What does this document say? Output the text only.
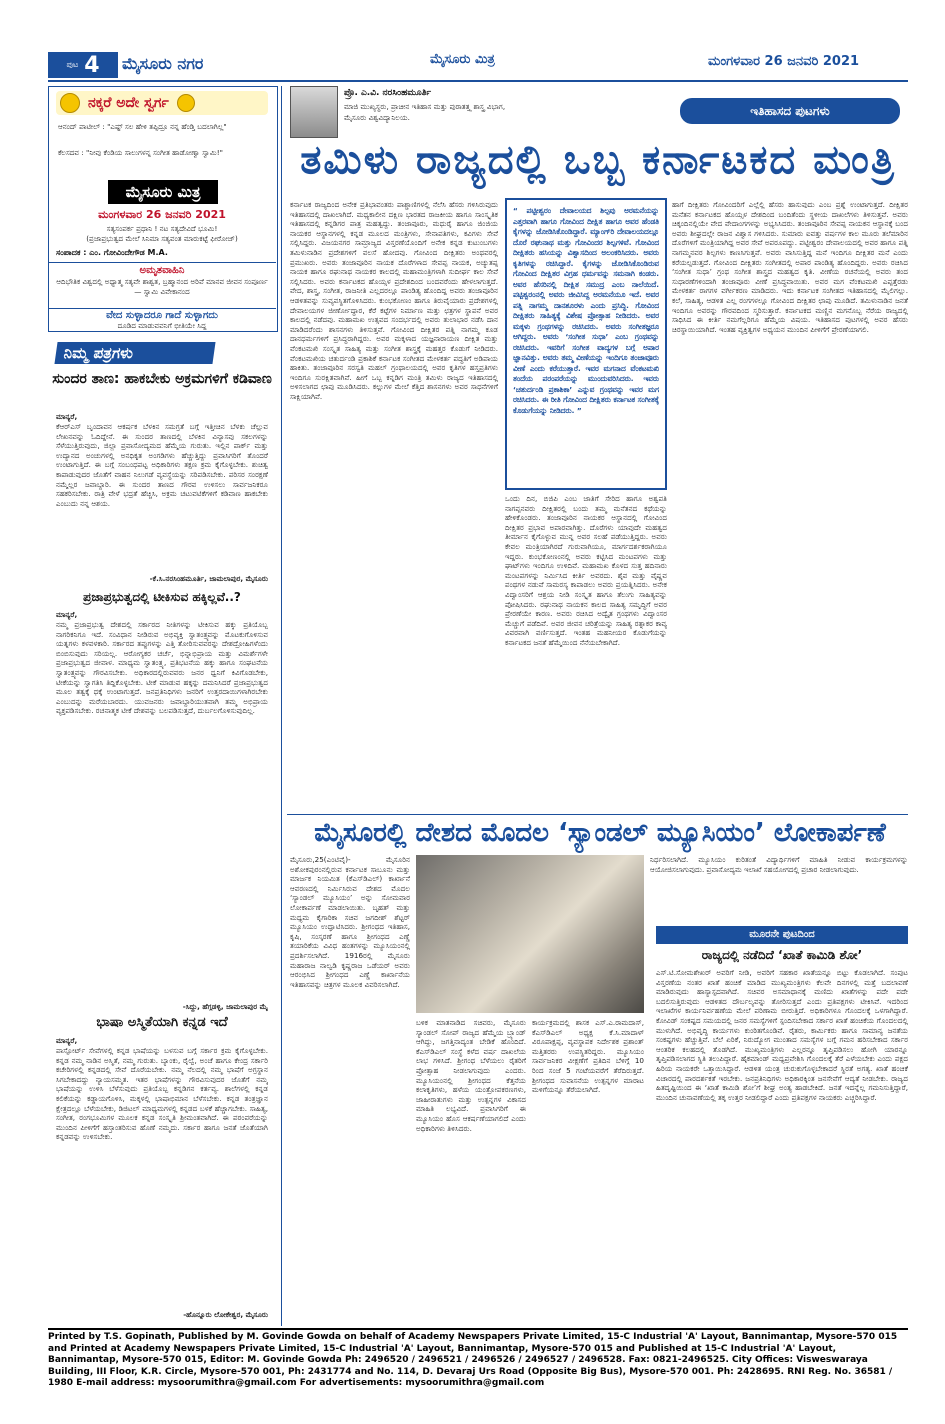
ಪುಟ 4 ಮೈಸೂರು ನಗರ	ಮೈಸೂರು ಮಿತ್ರ	ಮಂಗಳವಾರ 26 ಜನವರಿ 2021
ನಕ್ಕರೆ ಅದೇ ಸ್ವರ್ಗ
ಆನಂದ್ ಪಾಟೀಲ್ : "ಎಷ್ಟ್ ಸಲ ಹೇಳಿ ತಪ್ಪಿದ್ರೂ ನನ್ನ ಹೆಂಡ್ತಿ ಬದಲಾಗಿಲ್ಲ"
ಕೆಲಸದವ : "ನೀವು ಕೆಂಡಿಯ ಸಾಲುಗಳನ್ನ ಸಂಗೀತ ಹಾಡೋಣ್ವಾ ಸ್ವಾಮಿ!"
ಮೈಸೂರು ಮಿತ್ರ
ಮಂಗಳವಾರ 26 ಜನವರಿ 2021
ಸತ್ಯಸಂಪರ್ಕ ಪ್ರಧಾನಿ ! ನಟ ಸತ್ಯದೇವಿದೆ ಭೂಮಿ!
(ಪ್ರಜಾಪ್ರಭುತ್ವದ ಮೇಲೆ ಸಿನಿಮಾ ಸತ್ಯವಂತ ಮಾರುಕಟ್ಟೆ ಫೀರೋಜ್)
ಸಂಪಾದಕ : ಎಂ. ಗೋವಿಂದೇಗೌಡ M.A.
ಅಮೃತವಾಹಿನಿ
ಆದಿಭೌತಿಕ ವಿಶ್ವದಲ್ಲಿ ಅಧ್ಯಾತ್ಮ ಸತ್ಯವೇ ಶಾಶ್ವತ, ಬ್ರಹ್ಮಾನಂದ ಅರಿವೆ ಮಾನವ ಜೀವನ ಸಂಪೂರ್ಣ — ಸ್ವಾಮಿ ವಿವೇಕಾನಂದ
ವೇದ ಸುಳ್ಳಾದರೂ ಗಾದೆ ಸುಳ್ಳಾಗದು
ದೂಡಿದ ಮಾಡುವವನಿಗೆ ಭೀತಿಯೇ ಸಿದ್ದ
ನಿಮ್ಮ ಪತ್ರಗಳು
ಸುಂದರ ತಾಣ: ಹಾಕಬೇಕು ಅಕ್ರಮಗಳಿಗೆ ಕಡಿವಾಣ
ಮಾನ್ಯರೆ,
ಕೆಆರ್‌ಎಸ್ ಬೃಂದಾವನ ಆಕರ್ಷಕ ಬೆಳಕಿನ ಸಮಗ್ರತೆ ಬಗ್ಗೆ ಇತ್ತೀಚಿನ ಬೆಳಕು ಚೆಲ್ಲುವ ಲೇಖನವನ್ನು ಓದಿದ್ದೇನೆ. ಈ ಸುಂದರ ತಾಣದಲ್ಲಿ ಬೆಳಕಿನ ವಿನ್ಯಾಸವು ಸಕಲಗಳನ್ನು ಸೆಳೆಯುತ್ತಿರುವುದು, ಜಿಲ್ಲಾ ಪ್ರವಾಸೋದ್ಯಮದ ಹೆಮ್ಮೆಯ ಗುರುತು. ಇಲ್ಲಿನ ಪಾರ್ಕ್ ಮತ್ತು ಉದ್ಯಾನದ ಅಂಚುಗಳಲ್ಲಿ ಅನಧಿಕೃತ ಅಂಗಡಿಗಳು ಹೆಚ್ಚುತ್ತಿದ್ದು ಪ್ರವಾಸಿಗರಿಗೆ ತೊಂದರೆ ಉಂಟಾಗುತ್ತಿದೆ. ಈ ಬಗ್ಗೆ ಸಂಬಂಧಪಟ್ಟ ಅಧಿಕಾರಿಗಳು ತಕ್ಷಣ ಕ್ರಮ ಕೈಗೊಳ್ಳಬೇಕು. ಶುಚಿತ್ವ ಕಾಪಾಡುವುದರ ಜೊತೆಗೆ ವಾಹನ ನಿಲುಗಡೆ ವ್ಯವಸ್ಥೆಯನ್ನು ಸರಿಪಡಿಸಬೇಕು. ಪರಿಸರ ಸಂರಕ್ಷಣೆ ನಮ್ಮೆಲ್ಲರ ಜವಾಬ್ದಾರಿ. ಈ ಸುಂದರ ತಾಣದ ಗೌರವ ಉಳಿಸಲು ಸಾರ್ವಜನಿಕರೂ ಸಹಕರಿಸಬೇಕು. ರಾತ್ರಿ ವೇಳೆ ಭದ್ರತೆ ಹೆಚ್ಚಿಸಿ, ಅಕ್ರಮ ಚಟುವಟಿಕೆಗಳಿಗೆ ಕಡಿವಾಣ ಹಾಕಬೇಕು ಎಂಬುದು ನನ್ನ ಆಶಯ.
-ಕೆ.ಸಿ.ನರಸಿಂಹಮೂರ್ತಿ, ಜಾಮಲಾಪುರ, ಮೈಸೂರು
ಪ್ರಜಾಪ್ರಭುತ್ವದಲ್ಲಿ ಟೀಕಿಸುವ ಹಕ್ಕಿಲ್ಲವೆ..?
ಮಾನ್ಯರೆ,
ನಮ್ಮ ಪ್ರಜಾಪ್ರಭುತ್ವ ದೇಶದಲ್ಲಿ ಸರ್ಕಾರದ ನೀತಿಗಳನ್ನು ಟೀಕಿಸುವ ಹಕ್ಕು ಪ್ರತಿಯೊಬ್ಬ ನಾಗರಿಕನಿಗೂ ಇದೆ. ಸಂವಿಧಾನ ನೀಡಿರುವ ಅಭಿವ್ಯಕ್ತಿ ಸ್ವಾತಂತ್ರ್ಯವನ್ನು ಮೊಟಕುಗೊಳಿಸುವ ಯತ್ನಗಳು ಕಳವಳಕಾರಿ. ಸರ್ಕಾರದ ತಪ್ಪುಗಳನ್ನು ಎತ್ತಿ ತೋರಿಸುವವರನ್ನು ದೇಶದ್ರೋಹಿಗಳೆಂದು ಬಿಂಬಿಸುವುದು ಸರಿಯಲ್ಲ. ಆರೋಗ್ಯಕರ ಚರ್ಚೆ, ಭಿನ್ನಾಭಿಪ್ರಾಯ ಮತ್ತು ವಿಮರ್ಶೆಗಳೇ ಪ್ರಜಾಪ್ರಭುತ್ವದ ಜೀವಾಳ. ಮಾಧ್ಯಮ ಸ್ವಾತಂತ್ರ್ಯ, ಪ್ರತಿಭಟನೆಯ ಹಕ್ಕು ಹಾಗೂ ಸಂಘಟನೆಯ ಸ್ವಾತಂತ್ರ್ಯವನ್ನು ಗೌರವಿಸಬೇಕು. ಅಧಿಕಾರದಲ್ಲಿರುವವರು ಜನರ ಧ್ವನಿಗೆ ಕಿವಿಗೊಡಬೇಕು, ಟೀಕೆಯನ್ನು ಸ್ವಾಗತಿಸಿ ತಿದ್ದಿಕೊಳ್ಳಬೇಕು. ಟೀಕೆ ಮಾಡುವ ಹಕ್ಕನ್ನು ದಮನಿಸಿದರೆ ಪ್ರಜಾಪ್ರಭುತ್ವದ ಮೂಲ ತತ್ವಕ್ಕೆ ಧಕ್ಕೆ ಉಂಟಾಗುತ್ತದೆ. ಜನಪ್ರತಿನಿಧಿಗಳು ಜನರಿಗೆ ಉತ್ತರದಾಯಿಗಳಾಗಿರಬೇಕು ಎಂಬುದನ್ನು ಮರೆಯಬಾರದು. ಯುವಜನರು ಜವಾಬ್ದಾರಿಯುತವಾಗಿ ತಮ್ಮ ಅಭಿಪ್ರಾಯ ವ್ಯಕ್ತಪಡಿಸಬೇಕು. ರಚನಾತ್ಮಕ ಟೀಕೆ ದೇಶವನ್ನು ಬಲಪಡಿಸುತ್ತದೆ, ದುರ್ಬಲಗೊಳಿಸುವುದಿಲ್ಲ.
-ಸಿದ್ದು, ಹೆಗ್ಗಡಳ್ಳಿ, ಜಾಮಲಾಪುರ ಮೈ
ಭಾಷಾ ಅಸ್ಮಿತೆಯಾಗಿ ಕನ್ನಡ ಇದೆ
ಮಾನ್ಯರೆ,
ಪಾಸ್ಪೋರ್ಟ್ ಸೇವೆಗಳಲ್ಲಿ ಕನ್ನಡ ಭಾಷೆಯನ್ನು ಬಳಸುವ ಬಗ್ಗೆ ಸರ್ಕಾರ ಕ್ರಮ ಕೈಗೊಳ್ಳಬೇಕು. ಕನ್ನಡ ನಮ್ಮ ನಾಡಿನ ಅಸ್ಮಿತೆ, ನಮ್ಮ ಗುರುತು. ಬ್ಯಾಂಕು, ರೈಲ್ವೆ, ಅಂಚೆ ಹಾಗೂ ಕೇಂದ್ರ ಸರ್ಕಾರಿ ಕಚೇರಿಗಳಲ್ಲಿ ಕನ್ನಡದಲ್ಲಿ ಸೇವೆ ದೊರೆಯಬೇಕು. ನಮ್ಮ ನೆಲದಲ್ಲಿ ನಮ್ಮ ಭಾಷೆಗೆ ಅಗ್ರಸ್ಥಾನ ಸಿಗಬೇಕಾದದ್ದು ನ್ಯಾಯಸಮ್ಮತ. ಇತರ ಭಾಷೆಗಳನ್ನು ಗೌರವಿಸುವುದರ ಜೊತೆಗೆ ನಮ್ಮ ಭಾಷೆಯನ್ನು ಉಳಿಸಿ ಬೆಳೆಸುವುದು ಪ್ರತಿಯೊಬ್ಬ ಕನ್ನಡಿಗನ ಕರ್ತವ್ಯ. ಶಾಲೆಗಳಲ್ಲಿ ಕನ್ನಡ ಕಲಿಕೆಯನ್ನು ಕಡ್ಡಾಯಗೊಳಿಸಿ, ಮಕ್ಕಳಲ್ಲಿ ಭಾಷಾಭಿಮಾನ ಬೆಳೆಸಬೇಕು. ಕನ್ನಡ ತಂತ್ರಜ್ಞಾನ ಕ್ಷೇತ್ರದಲ್ಲೂ ಬೆಳೆಯಬೇಕು, ಡಿಜಿಟಲ್ ಮಾಧ್ಯಮಗಳಲ್ಲಿ ಕನ್ನಡದ ಬಳಕೆ ಹೆಚ್ಚಾಗಬೇಕು. ಸಾಹಿತ್ಯ, ಸಂಗೀತ, ರಂಗಭೂಮಿಗಳ ಮೂಲಕ ಕನ್ನಡ ಸಂಸ್ಕೃತಿ ಶ್ರೀಮಂತವಾಗಿದೆ. ಈ ಪರಂಪರೆಯನ್ನು ಮುಂದಿನ ಪೀಳಿಗೆಗೆ ಹಸ್ತಾಂತರಿಸುವ ಹೊಣೆ ನಮ್ಮದು. ಸರ್ಕಾರ ಹಾಗೂ ಜನತೆ ಜೊತೆಯಾಗಿ ಕನ್ನಡವನ್ನು ಉಳಿಸಬೇಕು.
-ಹೊನ್ನೂರು ಲೋಕೇಶ್ವರ, ಮೈಸೂರು
ಪ್ರೊ. ಎ.ವಿ. ನರಸಿಂಹಮೂರ್ತಿ
ಮಾಜಿ ಮುಖ್ಯಸ್ಥರು, ಪ್ರಾಚೀನ ಇತಿಹಾಸ ಮತ್ತು ಪುರಾತತ್ತ್ವ ಶಾಸ್ತ್ರ ವಿಭಾಗ,
ಮೈಸೂರು ವಿಶ್ವವಿದ್ಯಾನಿಲಯ.	ಇತಿಹಾಸದ ಪುಟಗಳು
ತಮಿಳು ರಾಜ್ಯದಲ್ಲಿ ಒಬ್ಬ ಕರ್ನಾಟಕದ ಮಂತ್ರಿ
ಕರ್ನಾಟಕ ರಾಜ್ಯದಿಂದ ಅನೇಕ ಪ್ರತಿಭಾವಂತರು ಪಾಶ್ಚಾಣಿಗಳಲ್ಲಿ ನೆಲೆಸಿ ಹೆಸರು ಗಳಿಸಿರುವುದು ಇತಿಹಾಸದಲ್ಲಿ ದಾಖಲಾಗಿದೆ. ಮಧ್ಯಕಾಲೀನ ದಕ್ಷಿಣ ಭಾರತದ ರಾಜಕೀಯ ಹಾಗೂ ಸಾಂಸ್ಕೃತಿಕ ಇತಿಹಾಸದಲ್ಲಿ ಕನ್ನಡಿಗರ ಪಾತ್ರ ಮಹತ್ವದ್ದು. ತಂಜಾವೂರು, ಮಧುರೈ ಹಾಗೂ ಜಿಂಜಿಯ ನಾಯಕರ ಆಸ್ಥಾನಗಳಲ್ಲಿ ಕನ್ನಡ ಮೂಲದ ಮಂತ್ರಿಗಳು, ಸೇನಾಪತಿಗಳು, ಕವಿಗಳು ಸೇವೆ ಸಲ್ಲಿಸಿದ್ದರು. ವಿಜಯನಗರ ಸಾಮ್ರಾಜ್ಯದ ವಿಸ್ತರಣೆಯೊಂದಿಗೆ ಅನೇಕ ಕನ್ನಡ ಕುಟುಂಬಗಳು ತಮಿಳುನಾಡಿನ ಪ್ರದೇಶಗಳಿಗೆ ವಲಸೆ ಹೋದವು. ಗೋವಿಂದ ದೀಕ್ಷಿತರು ಅಂಥವರಲ್ಲಿ ಪ್ರಮುಖರು. ಅವರು ತಂಜಾವೂರಿನ ನಾಯಕ ದೊರೆಗಳಾದ ಸೇವಪ್ಪ ನಾಯಕ, ಅಚ್ಯುತಪ್ಪ ನಾಯಕ ಹಾಗೂ ರಘುನಾಥ ನಾಯಕರ ಕಾಲದಲ್ಲಿ ಮಹಾಮಂತ್ರಿಗಳಾಗಿ ಸುದೀರ್ಘ ಕಾಲ ಸೇವೆ ಸಲ್ಲಿಸಿದರು. ಅವರು ಕರ್ನಾಟಕದ ಹೊಯ್ಸಳ ಪ್ರದೇಶದಿಂದ ಬಂದವರೆಂದು ಹೇಳಲಾಗುತ್ತದೆ. ವೇದ, ಶಾಸ್ತ್ರ, ಸಂಗೀತ, ರಾಜನೀತಿ ಎಲ್ಲದರಲ್ಲೂ ಪಾಂಡಿತ್ಯ ಹೊಂದಿದ್ದ ಅವರು ತಂಜಾವೂರಿನ ಆಡಳಿತವನ್ನು ಸುವ್ಯವಸ್ಥಿತಗೊಳಿಸಿದರು. ಕುಂಭಕೋಣಂ ಹಾಗೂ ತಿರುವೈಯಾರು ಪ್ರದೇಶಗಳಲ್ಲಿ ದೇವಾಲಯಗಳ ಜೀರ್ಣೋದ್ಧಾರ, ಕೆರೆ ಕಟ್ಟೆಗಳ ನಿರ್ಮಾಣ ಮತ್ತು ಛತ್ರಗಳ ಸ್ಥಾಪನೆ ಅವರ ಕಾಲದಲ್ಲಿ ನಡೆದವು. ಮಹಾಮಖ ಉತ್ಸವದ ಸಂದರ್ಭದಲ್ಲಿ ಅವರು ತುಲಾಭಾರ ನಡೆಸಿ ದಾನ ಮಾಡಿದರೆಂದು ಶಾಸನಗಳು ತಿಳಿಸುತ್ತವೆ. ಗೋವಿಂದ ದೀಕ್ಷಿತರ ಪತ್ನಿ ನಾಗಮ್ಮ ಕೂಡ ದಾನಧರ್ಮಗಳಿಗೆ ಪ್ರಸಿದ್ಧರಾಗಿದ್ದರು. ಅವರ ಮಕ್ಕಳಾದ ಯಜ್ಞನಾರಾಯಣ ದೀಕ್ಷಿತ ಮತ್ತು ವೆಂಕಟಮಖಿ ಸಂಸ್ಕೃತ ಸಾಹಿತ್ಯ ಮತ್ತು ಸಂಗೀತ ಶಾಸ್ತ್ರಕ್ಕೆ ಮಹತ್ತರ ಕೊಡುಗೆ ನೀಡಿದರು. ವೆಂಕಟಮಖಿಯ ಚತುರ್ದಂಡಿ ಪ್ರಕಾಶಿಕೆ ಕರ್ನಾಟಕ ಸಂಗೀತದ ಮೇಳಕರ್ತ ಪದ್ಧತಿಗೆ ಅಡಿಪಾಯ ಹಾಕಿತು. ತಂಜಾವೂರಿನ ಸರಸ್ವತಿ ಮಹಲ್ ಗ್ರಂಥಾಲಯದಲ್ಲಿ ಅವರ ಕೃತಿಗಳ ಹಸ್ತಪ್ರತಿಗಳು ಇಂದಿಗೂ ಸುರಕ್ಷಿತವಾಗಿವೆ. ಹೀಗೆ ಒಬ್ಬ ಕನ್ನಡಿಗ ಮಂತ್ರಿ ತಮಿಳು ರಾಜ್ಯದ ಇತಿಹಾಸದಲ್ಲಿ ಅಳಿಸಲಾಗದ ಛಾಪು ಮೂಡಿಸಿದರು. ಕಲ್ಲುಗಳ ಮೇಲೆ ಕೆತ್ತಿದ ಶಾಸನಗಳು ಅವರ ಸಾಧನೆಗಳಿಗೆ ಸಾಕ್ಷಿಯಾಗಿವೆ.
“ ಪಟ್ಟೀಶ್ವರಂ ದೇವಾಲಯದ ಶಿಲ್ಪವು ಅರಮನೆಯನ್ನು ಎತ್ತರವಾಗಿ ಹಾಗೂ ಗೋವಿಂದ ದೀಕ್ಷಿತ ಹಾಗೂ ಅವರ ಹೆಂಡತಿ ಕೈಗಳನ್ನು ಜೋಡಿಸಿಕೊಂಡಿದ್ದಾರೆ. ಮ್ಯಾಂಗ್‌ರಿ ದೇವಾಲಯದಲ್ಲೂ ದೊರೆ ರಘುನಾಥ ಮತ್ತು ಗೋವಿಂದರ ಶಿಲ್ಪಗಳಿವೆ. ಗೋವಿಂದ ದೀಕ್ಷಿತರು ಹಸಿಯನ್ನು ವಿಶ್ವಾಸದಿಂದ ಅಲಂಕರಿಸಿದರು. ಅವರು ಕೃತಿಗಳನ್ನು ರಚಿಸಿದ್ದಾರೆ. ಕೈಗಳನ್ನು ಜೋಡಿಸಿಕೊಂಡಿರುವ ಗೋವಿಂದ ದೀಕ್ಷಿತರ ವಿಗ್ರಹ ಧರ್ಮವನ್ನು ಸಮನಾಗಿ ಕಂಡರು. ಅವರ ಹೆಸರಿನಲ್ಲಿ ದೀಕ್ಷಿತ ಸಮುದ್ರ ಎಂಬ ನಾಲೆಯಿದೆ. ಪಟ್ಟಿಶ್ವರಂನಲ್ಲಿ ಅವರು ಜೀವಿಸಿದ್ದ ಅರಮನೆಯೂ ಇದೆ. ಅವರ ಪತ್ನಿ ನಾಗಮ್ಮ ದಾನಶೂರಳು ಎಂದು ಪ್ರಸಿದ್ಧಿ. ಗೋವಿಂದ ದೀಕ್ಷಿತರು ಸಾಹಿತ್ಯಕ್ಕೆ ವಿಶೇಷ ಪ್ರೋತ್ಸಾಹ ನೀಡಿದರು. ಅವರ ಮಕ್ಕಳು ಗ್ರಂಥಗಳನ್ನು ರಚಿಸಿದರು. ಅವರು ಸಂಗೀತಜ್ಞರೂ ಆಗಿದ್ದರು. ಅವರು ‘ಸಂಗೀತ ಸುಧಾ’ ಎಂಬ ಗ್ರಂಥವನ್ನು ರಚಿಸಿದರು. ಇವರಿಗೆ ಸಂಗೀತ ವಾದ್ಯಗಳ ಬಗ್ಗೆ ಅಪಾರ ಜ್ಞಾನವಿತ್ತು. ಅವರು ತಮ್ಮ ವೀಣೆಯನ್ನು ಇಂದಿಗೂ ತಂಜಾವೂರು ವೀಣೆ ಎಂದು ಕರೆಯುತ್ತಾರೆ. ಇವರ ಮಗನಾದ ವೆಂಕಟಮಖಿ ತಂದೆಯ ಪರಂಪರೆಯನ್ನು ಮುಂದುವರಿಸಿದರು. ಇವರು ‘ಚತುರ್ದಂಡಿ ಪ್ರಕಾಶಿಕಾ’ ಎನ್ನುವ ಗ್ರಂಥವನ್ನು ಇವರ ಮಗ ರಚಿಸಿದರು. ಈ ರೀತಿ ಗೋವಿಂದ ದೀಕ್ಷಿತರು ಕರ್ನಾಟಕ ಸಂಗೀತಕ್ಕೆ ಕೊಡುಗೆಯನ್ನು ನೀಡಿದರು. ”
ಒಂದು ದಿನ, ಬಿಜಿಪಿ ಎಂಬ ಜಾತಿಗೆ ಸೇರಿದ ಹಾಗೂ ಅಶ್ವಪತಿ ನಾಗಪ್ಪನವರು ದೀಕ್ಷಿತರಲ್ಲಿ ಬಂದು ತಮ್ಮ ಮನೆತನದ ಕಥೆಯನ್ನು ಹೇಳಿಕೊಂಡರು. ತಂಜಾವೂರಿನ ನಾಯಕರ ಆಸ್ಥಾನದಲ್ಲಿ ಗೋವಿಂದ ದೀಕ್ಷಿತರ ಪ್ರಭಾವ ಅಪಾರವಾಗಿತ್ತು. ದೊರೆಗಳು ಯಾವುದೇ ಮಹತ್ವದ ತೀರ್ಮಾನ ಕೈಗೊಳ್ಳುವ ಮುನ್ನ ಅವರ ಸಲಹೆ ಪಡೆಯುತ್ತಿದ್ದರು. ಅವರು ಕೇವಲ ಮಂತ್ರಿಯಾಗಿರದೆ ಗುರುವಾಗಿಯೂ, ಮಾರ್ಗದರ್ಶಕರಾಗಿಯೂ ಇದ್ದರು. ಕುಂಭಕೋಣಂನಲ್ಲಿ ಅವರು ಕಟ್ಟಿಸಿದ ಮಂಟಪಗಳು ಮತ್ತು ಘಾಟ್‌ಗಳು ಇಂದಿಗೂ ಉಳಿದಿವೆ. ಮಹಾಮಖ ಕೊಳದ ಸುತ್ತ ಹದಿನಾರು ಮಂಟಪಗಳನ್ನು ನಿರ್ಮಿಸಿದ ಕೀರ್ತಿ ಅವರದು. ಶೈವ ಮತ್ತು ವೈಷ್ಣವ ಪಂಥಗಳ ನಡುವೆ ಸಾಮರಸ್ಯ ಕಾಪಾಡಲು ಅವರು ಪ್ರಯತ್ನಿಸಿದರು. ಅನೇಕ ವಿದ್ವಾಂಸರಿಗೆ ಆಶ್ರಯ ನೀಡಿ ಸಂಸ್ಕೃತ ಹಾಗೂ ತೆಲುಗು ಸಾಹಿತ್ಯವನ್ನು ಪೋಷಿಸಿದರು. ರಘುನಾಥ ನಾಯಕನ ಕಾಲದ ಸಾಹಿತ್ಯ ಸಮೃದ್ಧಿಗೆ ಅವರ ಪ್ರೇರಣೆಯೇ ಕಾರಣ. ಅವರು ರಚಿಸಿದ ಅದ್ವೈತ ಗ್ರಂಥಗಳು ವಿದ್ವಾಂಸರ ಮೆಚ್ಚುಗೆ ಪಡೆದಿವೆ. ಅವರ ಜೀವನ ಚರಿತ್ರೆಯನ್ನು ಸಾಹಿತ್ಯ ರತ್ನಾಕರ ಕಾವ್ಯ ವಿವರವಾಗಿ ವರ್ಣಿಸುತ್ತದೆ. ಇಂತಹ ಮಹನೀಯರ ಕೊಡುಗೆಯನ್ನು ಕರ್ನಾಟಕದ ಜನತೆ ಹೆಮ್ಮೆಯಿಂದ ನೆನೆಯಬೇಕಾಗಿದೆ.
ಹಾಗೆ ದೀಕ್ಷಿತರು ಗೋವಿಂದರಿಗೆ ಎಲ್ಲೆಲ್ಲಿ ಹೆಸರು ಹಾಸುವುದು ಎಂಬ ಪ್ರಶ್ನೆ ಉಂಟಾಗುತ್ತದೆ. ದೀಕ್ಷಿತರ ಮನೆತನ ಕರ್ನಾಟಕದ ಹೊಯ್ಸಳ ದೇಶದಿಂದ ಬಂದಿತೆಂದು ಸ್ಥಳೀಯ ದಾಖಲೆಗಳು ತಿಳಿಸುತ್ತವೆ. ಅವರು ಚಿಕ್ಕಂದಿನಲ್ಲಿಯೇ ವೇದ ವೇದಾಂಗಗಳನ್ನು ಅಭ್ಯಸಿಸಿದರು. ತಂಜಾವೂರಿನ ಸೇವಪ್ಪ ನಾಯಕನ ಆಸ್ಥಾನಕ್ಕೆ ಬಂದ ಅವರು ಶೀಘ್ರದಲ್ಲೇ ರಾಜನ ವಿಶ್ವಾಸ ಗಳಿಸಿದರು. ಸುಮಾರು ಐವತ್ತು ವರ್ಷಗಳ ಕಾಲ ಮೂರು ತಲೆಮಾರಿನ ದೊರೆಗಳಿಗೆ ಮಂತ್ರಿಯಾಗಿದ್ದ ಅವರ ಸೇವೆ ಅಪರೂಪದ್ದು. ಪಟ್ಟೀಶ್ವರಂ ದೇವಾಲಯದಲ್ಲಿ ಅವರ ಹಾಗೂ ಪತ್ನಿ ನಾಗಮ್ಮನವರ ಶಿಲ್ಪಗಳು ಕಾಣಸಿಗುತ್ತವೆ. ಅವರು ವಾಸಿಸುತ್ತಿದ್ದ ಮನೆ ಇಂದಿಗೂ ದೀಕ್ಷಿತರ ಮನೆ ಎಂದು ಕರೆಯಲ್ಪಡುತ್ತದೆ. ಗೋವಿಂದ ದೀಕ್ಷಿತರು ಸಂಗೀತದಲ್ಲಿ ಅಪಾರ ಪಾಂಡಿತ್ಯ ಹೊಂದಿದ್ದರು. ಅವರು ರಚಿಸಿದ ‘ಸಂಗೀತ ಸುಧಾ’ ಗ್ರಂಥ ಸಂಗೀತ ಶಾಸ್ತ್ರದ ಮಹತ್ವದ ಕೃತಿ. ವೀಣೆಯ ರಚನೆಯಲ್ಲಿ ಅವರು ತಂದ ಸುಧಾರಣೆಗಳಿಂದಾಗಿ ತಂಜಾವೂರು ವೀಣೆ ಪ್ರಸಿದ್ಧವಾಯಿತು. ಅವರ ಮಗ ವೆಂಕಟಮಖಿ ಎಪ್ಪತ್ತೆರಡು ಮೇಳಕರ್ತ ರಾಗಗಳ ವರ್ಗೀಕರಣ ಮಾಡಿದರು. ಇದು ಕರ್ನಾಟಕ ಸಂಗೀತದ ಇತಿಹಾಸದಲ್ಲಿ ಮೈಲಿಗಲ್ಲು. ಕಲೆ, ಸಾಹಿತ್ಯ, ಆಡಳಿತ ಎಲ್ಲ ರಂಗಗಳಲ್ಲೂ ಗೋವಿಂದ ದೀಕ್ಷಿತರ ಛಾಪು ಮೂಡಿದೆ. ತಮಿಳುನಾಡಿನ ಜನತೆ ಇಂದಿಗೂ ಅವರನ್ನು ಗೌರವದಿಂದ ಸ್ಮರಿಸುತ್ತಾರೆ. ಕರ್ನಾಟಕದ ಮಣ್ಣಿನ ಮಗನೊಬ್ಬ ನೆರೆಯ ರಾಜ್ಯದಲ್ಲಿ ಸಾಧಿಸಿದ ಈ ಕೀರ್ತಿ ನಮಗೆಲ್ಲರಿಗೂ ಹೆಮ್ಮೆಯ ವಿಷಯ. ಇತಿಹಾಸದ ಪುಟಗಳಲ್ಲಿ ಅವರ ಹೆಸರು ಚಿರಸ್ಥಾಯಿಯಾಗಿದೆ. ಇಂತಹ ವ್ಯಕ್ತಿತ್ವಗಳ ಅಧ್ಯಯನ ಮುಂದಿನ ಪೀಳಿಗೆಗೆ ಪ್ರೇರಣೆಯಾಗಲಿ.
ಮೈಸೂರಲ್ಲಿ ದೇಶದ ಮೊದಲ ‘ಸ್ಯಾಂಡಲ್ ಮ್ಯೂಸಿಯಂ’ ಲೋಕಾರ್ಪಣೆ
ಮೈಸೂರು,25(ಎಂಟಿವೈ)- ಮೈಸೂರಿನ ಅಶೋಕಪುರಂನಲ್ಲಿರುವ ಕರ್ನಾಟಕ ಸಾಬೂನು ಮತ್ತು ಮಾರ್ಜಕ ನಿಯಮಿತ (ಕೆಎಸ್‌ಡಿಎಲ್) ಕಾರ್ಖಾನೆ ಆವರಣದಲ್ಲಿ ನಿರ್ಮಿಸಿರುವ ದೇಶದ ಮೊದಲ ‘ಸ್ಯಾಂಡಲ್ ಮ್ಯೂಸಿಯಂ’ ಅನ್ನು ಸೋಮವಾರ ಲೋಕಾರ್ಪಣೆ ಮಾಡಲಾಯಿತು. ಬೃಹತ್ ಮತ್ತು ಮಧ್ಯಮ ಕೈಗಾರಿಕಾ ಸಚಿವ ಜಗದೀಶ್ ಶೆಟ್ಟರ್ ಮ್ಯೂಸಿಯಂ ಉದ್ಘಾಟಿಸಿದರು. ಶ್ರೀಗಂಧದ ಇತಿಹಾಸ, ಕೃಷಿ, ಸಂಸ್ಕರಣೆ ಹಾಗೂ ಶ್ರೀಗಂಧದ ಎಣ್ಣೆ ತಯಾರಿಕೆಯ ವಿವಿಧ ಹಂತಗಳನ್ನು ಮ್ಯೂಸಿಯಂನಲ್ಲಿ ಪ್ರದರ್ಶಿಸಲಾಗಿದೆ. 1916ರಲ್ಲಿ ಮೈಸೂರು ಮಹಾರಾಜ ನಾಲ್ವಡಿ ಕೃಷ್ಣರಾಜ ಒಡೆಯರ್ ಅವರು ಆರಂಭಿಸಿದ ಶ್ರೀಗಂಧದ ಎಣ್ಣೆ ಕಾರ್ಖಾನೆಯ ಇತಿಹಾಸವನ್ನು ಚಿತ್ರಗಳ ಮೂಲಕ ವಿವರಿಸಲಾಗಿದೆ.
ಬಳಿಕ ಮಾತನಾಡಿದ ಸಚಿವರು, ಮೈಸೂರು ಸ್ಯಾಂಡಲ್ ಸೋಪ್ ರಾಜ್ಯದ ಹೆಮ್ಮೆಯ ಬ್ರ್ಯಾಂಡ್ ಆಗಿದ್ದು, ಜಗತ್ತಿನಾದ್ಯಂತ ಬೇಡಿಕೆ ಹೊಂದಿದೆ. ಕೆಎಸ್‌ಡಿಎಲ್ ಸಂಸ್ಥೆ ಕಳೆದ ವರ್ಷ ದಾಖಲೆಯ ಲಾಭ ಗಳಿಸಿದೆ. ಶ್ರೀಗಂಧ ಬೆಳೆಯಲು ರೈತರಿಗೆ ಪ್ರೋತ್ಸಾಹ ನೀಡಲಾಗುವುದು ಎಂದರು. ಮ್ಯೂಸಿಯಂನಲ್ಲಿ ಶ್ರೀಗಂಧದ ಕೆತ್ತನೆಯ ಕಲಾಕೃತಿಗಳು, ಹಳೆಯ ಯಂತ್ರೋಪಕರಣಗಳು, ಜಾಹೀರಾತುಗಳು ಮತ್ತು ಉತ್ಪನ್ನಗಳ ವಿಕಾಸದ ಮಾಹಿತಿ ಲಭ್ಯವಿದೆ. ಪ್ರವಾಸಿಗರಿಗೆ ಈ ಮ್ಯೂಸಿಯಂ ಹೊಸ ಆಕರ್ಷಣೆಯಾಗಲಿದೆ ಎಂದು ಅಧಿಕಾರಿಗಳು ತಿಳಿಸಿದರು.
ಕಾರ್ಯಕ್ರಮದಲ್ಲಿ ಶಾಸಕ ಎಸ್.ಎ.ರಾಮದಾಸ್, ಕೆಎಸ್‌ಡಿಎಲ್ ಅಧ್ಯಕ್ಷ ಕೆ.ಸಿ.ಮಾದಾಳ್ ವಿರೂಪಾಕ್ಷಪ್ಪ, ವ್ಯವಸ್ಥಾಪಕ ನಿರ್ದೇಶಕ ಪ್ರಶಾಂತ್ ಮತ್ತಿತರರು ಉಪಸ್ಥಿತರಿದ್ದರು. ಮ್ಯೂಸಿಯಂ ಸಾರ್ವಜನಿಕರ ವೀಕ್ಷಣೆಗೆ ಪ್ರತಿದಿನ ಬೆಳಿಗ್ಗೆ 10 ರಿಂದ ಸಂಜೆ 5 ಗಂಟೆಯವರೆಗೆ ತೆರೆದಿರುತ್ತದೆ. ಶ್ರೀಗಂಧದ ಸುವಾಸನೆಯ ಉತ್ಪನ್ನಗಳ ಮಾರಾಟ ಮಳಿಗೆಯನ್ನೂ ತೆರೆಯಲಾಗಿದೆ.
ನಿರ್ಧರಿಸಲಾಗಿದೆ. ಮ್ಯೂಸಿಯಂ ಕುರಿತಂತೆ ವಿದ್ಯಾರ್ಥಿಗಳಿಗೆ ಮಾಹಿತಿ ನೀಡುವ ಕಾರ್ಯಕ್ರಮಗಳನ್ನು ಆಯೋಜಿಸಲಾಗುವುದು. ಪ್ರವಾಸೋದ್ಯಮ ಇಲಾಖೆ ಸಹಯೋಗದಲ್ಲಿ ಪ್ರಚಾರ ನೀಡಲಾಗುವುದು.
ಮೂರನೇ ಪುಟದಿಂದ
ರಾಜ್ಯದಲ್ಲಿ ನಡೆದಿದೆ ‘ಖಾತೆ ಕಾಮಿಡಿ ಶೋ’
ಎಸ್.ಟಿ.ಸೋಮಶೇಖರ್ ಅವರಿಗೆ ನೀಡಿ, ಅವರಿಗೆ ಸಹಕಾರ ಖಾತೆಯನ್ನೂ ಬಿಟ್ಟು ಕೊಡಲಾಗಿದೆ. ಸಂಪುಟ ವಿಸ್ತರಣೆಯ ನಂತರ ಖಾತೆ ಹಂಚಿಕೆ ಮಾಡಿದ ಮುಖ್ಯಮಂತ್ರಿಗಳು ಕೆಲವೇ ದಿನಗಳಲ್ಲಿ ಮತ್ತೆ ಬದಲಾವಣೆ ಮಾಡಿರುವುದು ಹಾಸ್ಯಾಸ್ಪದವಾಗಿದೆ. ಸಚಿವರ ಅಸಮಾಧಾನಕ್ಕೆ ಮಣಿದು ಖಾತೆಗಳನ್ನು ಪದೇ ಪದೇ ಬದಲಿಸುತ್ತಿರುವುದು ಆಡಳಿತದ ದೌರ್ಬಲ್ಯವನ್ನು ತೋರಿಸುತ್ತದೆ ಎಂದು ಪ್ರತಿಪಕ್ಷಗಳು ಟೀಕಿಸಿವೆ. ಇದರಿಂದ ಇಲಾಖೆಗಳ ಕಾರ್ಯನಿರ್ವಹಣೆಯ ಮೇಲೆ ಪರಿಣಾಮ ಬೀರುತ್ತಿದೆ. ಅಧಿಕಾರಿಗಳೂ ಗೊಂದಲಕ್ಕೆ ಒಳಗಾಗಿದ್ದಾರೆ. ಕೋವಿಡ್ ಸಂಕಷ್ಟದ ಸಮಯದಲ್ಲಿ ಜನರ ಸಮಸ್ಯೆಗಳಿಗೆ ಸ್ಪಂದಿಸಬೇಕಾದ ಸರ್ಕಾರ ಖಾತೆ ಹಂಚಿಕೆಯ ಗೊಂದಲದಲ್ಲಿ ಮುಳುಗಿದೆ. ಅಭಿವೃದ್ಧಿ ಕಾರ್ಯಗಳು ಕುಂಠಿತಗೊಂಡಿವೆ. ರೈತರು, ಕಾರ್ಮಿಕರು ಹಾಗೂ ಸಾಮಾನ್ಯ ಜನತೆಯ ಸಂಕಷ್ಟಗಳು ಹೆಚ್ಚುತ್ತಿವೆ. ಬೆಲೆ ಏರಿಕೆ, ನಿರುದ್ಯೋಗ ಮುಂತಾದ ಸಮಸ್ಯೆಗಳ ಬಗ್ಗೆ ಗಮನ ಹರಿಸಬೇಕಾದ ಸರ್ಕಾರ ಆಂತರಿಕ ಕಲಹದಲ್ಲಿ ತೊಡಗಿದೆ. ಮುಖ್ಯಮಂತ್ರಿಗಳು ಎಲ್ಲರನ್ನೂ ತೃಪ್ತಿಪಡಿಸಲು ಹೋಗಿ ಯಾರನ್ನೂ ತೃಪ್ತಿಪಡಿಸಲಾಗದ ಸ್ಥಿತಿ ತಲುಪಿದ್ದಾರೆ. ಹೈಕಮಾಂಡ್ ಮಧ್ಯಪ್ರವೇಶಿಸಿ ಗೊಂದಲಕ್ಕೆ ತೆರೆ ಎಳೆಯಬೇಕು ಎಂದು ಪಕ್ಷದ ಹಿರಿಯ ನಾಯಕರೇ ಒತ್ತಾಯಿಸಿದ್ದಾರೆ. ಆಡಳಿತ ಯಂತ್ರ ಚುರುಕುಗೊಳ್ಳಬೇಕಾದರೆ ಸ್ಥಿರತೆ ಅಗತ್ಯ. ಖಾತೆ ಹಂಚಿಕೆ ವಿಚಾರದಲ್ಲಿ ಪಾರದರ್ಶಕತೆ ಇರಬೇಕು. ಜನಪ್ರತಿನಿಧಿಗಳು ಅಧಿಕಾರಕ್ಕಿಂತ ಜನಸೇವೆಗೆ ಆದ್ಯತೆ ನೀಡಬೇಕು. ರಾಜ್ಯದ ಹಿತದೃಷ್ಟಿಯಿಂದ ಈ ‘ಖಾತೆ ಕಾಮಿಡಿ ಶೋ’ಗೆ ಶೀಘ್ರ ಅಂತ್ಯ ಹಾಡಬೇಕಿದೆ. ಜನತೆ ಇದನ್ನೆಲ್ಲ ಗಮನಿಸುತ್ತಿದ್ದಾರೆ, ಮುಂದಿನ ಚುನಾವಣೆಯಲ್ಲಿ ತಕ್ಕ ಉತ್ತರ ನೀಡಲಿದ್ದಾರೆ ಎಂದು ಪ್ರತಿಪಕ್ಷಗಳ ನಾಯಕರು ಎಚ್ಚರಿಸಿದ್ದಾರೆ.
Printed by T.S. Gopinath, Published by M. Govinde Gowda on behalf of Academy Newspapers Private Limited, 15-C Industrial 'A' Layout, Bannimantap, Mysore-570 015 and Printed at Academy Newspapers Private Limited, 15-C Industrial 'A' Layout, Bannimantap, Mysore-570 015 and Published at 15-C Industrial 'A' Layout, Bannimantap, Mysore-570 015, Editor: M. Govinde Gowda Ph: 2496520 / 2496521 / 2496526 / 2496527 / 2496528. Fax: 0821-2496525. City Offices: Visweswaraya Building, III Floor, K.R. Circle, Mysore-570 001, Ph: 2431774 and No. 114, D. Devaraj Urs Road (Opposite Big Bus), Mysore-570 001. Ph: 2428695. RNI Reg. No. 36581 / 1980 E-mail address: mysoorumithra@gmail.com For advertisements: mysoorumithra@gmail.com
